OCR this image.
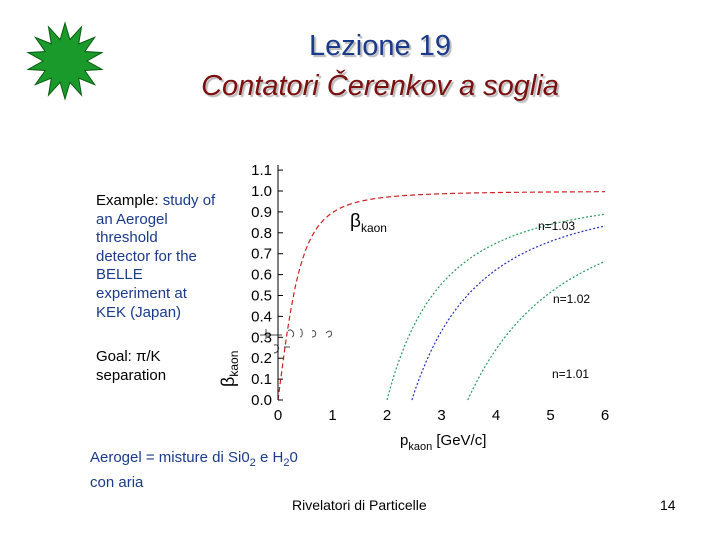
Lezione 19
Contatori Čerenkov a soglia
Example: study of an Aerogel threshold detector for the BELLE experiment at KEK (Japan)
Goal: π/K separation
Aerogel = misture di $Si0_2$ e $H_20$
con aria
Rivelatori di Particelle	14
0.0
0.1
0.2
0.3
0.4
0.5
0.6
0.7
0.8
0.9
1.0
1.1
0	1	2	3	4	5	6
$\beta_{kaon}$
$p_{kaon}$ [GeV/c]
$\beta_{kaon}$	n=1.03
n=1.02
n=1.01
